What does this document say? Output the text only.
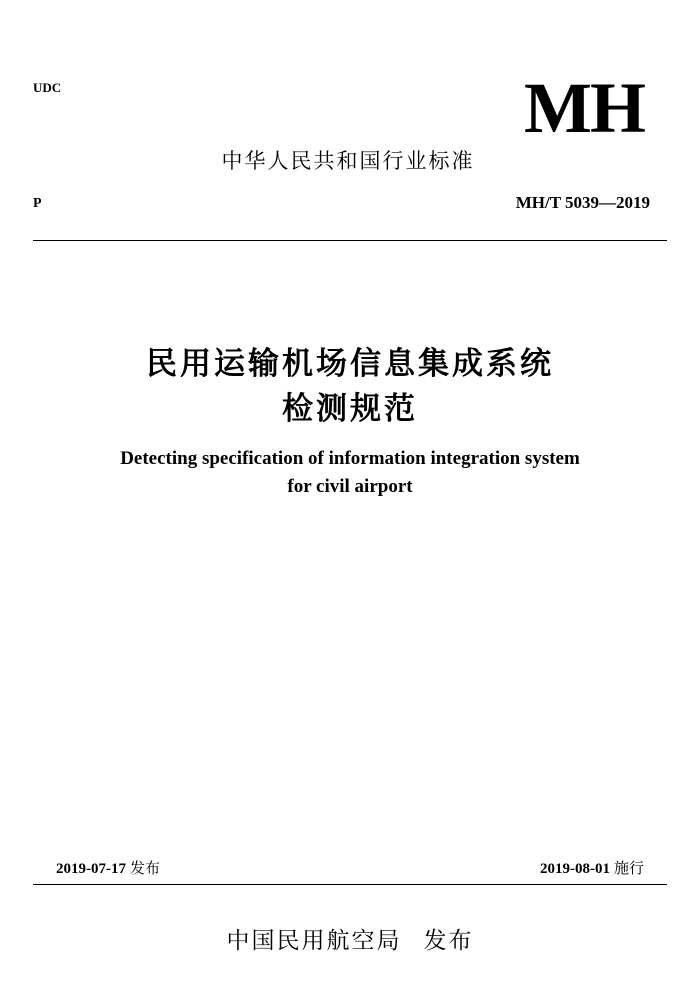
UDC	MH
中华人民共和国行业标准
P	MH/T 5039—2019
民用运输机场信息集成系统
检测规范
Detecting specification of information integration system
for civil airport
2019-07-17 发布	2019-08-01 施行
中国民用航空局 发布
